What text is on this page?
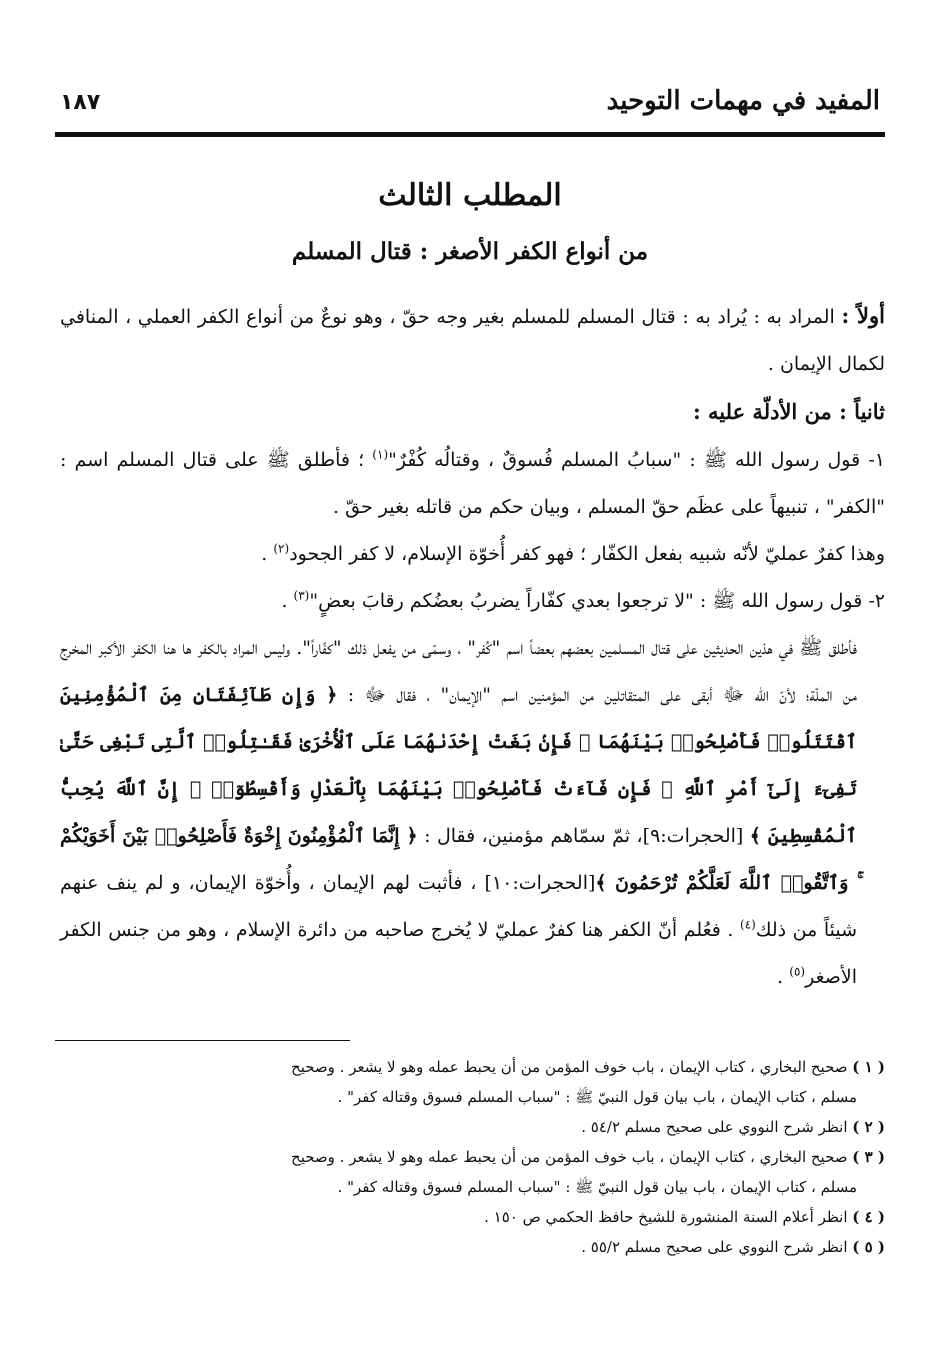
١٨٧	المفيد في مهمات التوحيد
المطلب الثالث
من أنواع الكفر الأصغر : قتال المسلم

أولاً : المراد به : يُراد به : قتال المسلم للمسلم بغير وجه حقّ ، وهو نوعٌ من أنواع الكفر العملي ، المنافي لكمال الإيمان .

ثانياً : من الأدلّة عليه :

١- قول رسول الله ﷺ : "سبابُ المسلم فُسوقٌ ، وقتالُه كُفْرٌ"$^{(١)}$ ؛ فأطلق ﷺ على قتال المسلم اسم : "الكفر" ، تنبيهاً على عظَم حقّ المسلم ، وبيان حكم من قاتله بغير حقّ .

وهذا كفرٌ عمليّ لأنّه شبيه بفعل الكفّار ؛ فهو كفر أُخوّة الإسلام، لا كفر الجحود$^{(٢)}$ .

٢- قول رسول الله ﷺ : "لا ترجعوا بعدي كفّاراً يضربُ بعضُكم رقابَ بعضٍ"$^{(٣)}$ .

فأطلق ﷺ في هذين الحديثين على قتال المسلمين بعضهم بعضاً اسم "كُفر" ، وسمّى من يفعل ذلك "كفّاراً". وليس المراد بالكفر ها هنا الكفر الأكبر المخرج من الملّة؛ لأنّ الله ﷻ أبقى على المتقاتلين من المؤمنين اسم "الإيمان" ، فقال ﷻ : ﴿ وَإِن طَآئِفَتَانِ مِنَ ٱلْمُؤْمِنِينَ ٱقْتَتَلُوا۟ فَأَصْلِحُوا۟ بَيْنَهُمَا ۖ فَإِنۢ بَغَتْ إِحْدَىٰهُمَا عَلَى ٱلْأُخْرَىٰ فَقَـٰتِلُوا۟ ٱلَّتِى تَبْغِى حَتَّىٰ تَفِىٓءَ إِلَىٰٓ أَمْرِ ٱللَّهِ ۚ فَإِن فَآءَتْ فَأَصْلِحُوا۟ بَيْنَهُمَا بِٱلْعَدْلِ وَأَقْسِطُوٓا۟ ۖ إِنَّ ٱللَّهَ يُحِبُّ ٱلْمُقْسِطِينَ ﴾ [الحجرات:٩]، ثمّ سمّاهم مؤمنين، فقال : ﴿ إِنَّمَا ٱلْمُؤْمِنُونَ إِخْوَةٌ فَأَصْلِحُوا۟ بَيْنَ أَخَوَيْكُمْ ۚ وَٱتَّقُوا۟ ٱللَّهَ لَعَلَّكُمْ تُرْحَمُونَ ﴾[الحجرات:١٠] ، فأثبت لهم الإيمان ، وأُخوّة الإيمان، و لم ينف عنهم شيئاً من ذلك$^{(٤)}$ . فعُلم أنّ الكفر هنا كفرٌ عمليّ لا يُخرج صاحبه من دائرة الإسلام ، وهو من جنس الكفر الأصغر$^{(٥)}$ .

( ١ ) صحيح البخاري ، كتاب الإيمان ، باب خوف المؤمن من أن يحبط عمله وهو لا يشعر . وصحيح

مسلم ، كتاب الإيمان ، باب بيان قول النبيّ ﷺ : "سباب المسلم فسوق وقتاله كفر" .

( ٢ ) انظر شرح النووي على صحيح مسلم ٥٤/٢ .

( ٣ ) صحيح البخاري ، كتاب الإيمان ، باب خوف المؤمن من أن يحبط عمله وهو لا يشعر . وصحيح

مسلم ، كتاب الإيمان ، باب بيان قول النبيّ ﷺ : "سباب المسلم فسوق وقتاله كفر" .

( ٤ ) انظر أعلام السنة المنشورة للشيخ حافظ الحكمي ص ١٥٠ .

( ٥ ) انظر شرح النووي على صحيح مسلم ٥٥/٢ .
